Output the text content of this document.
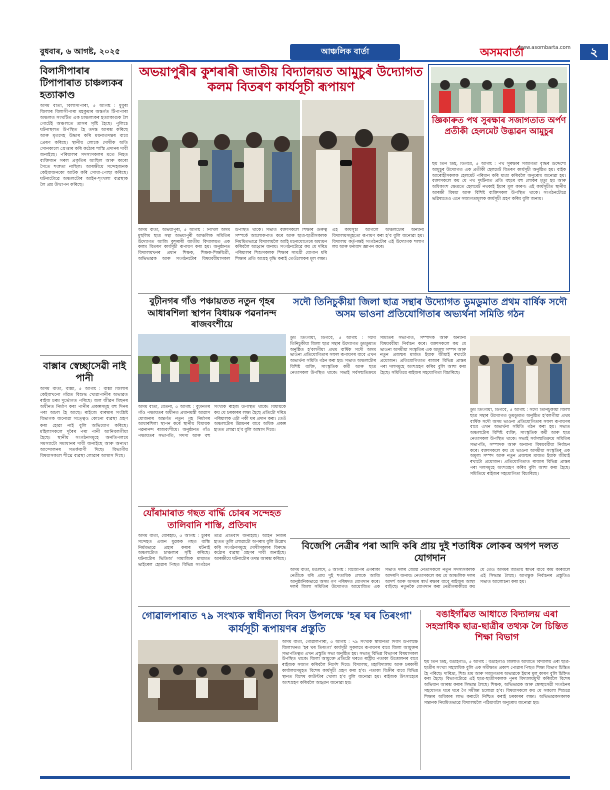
বুধবাৰ, ৬ আগষ্ট, ২০২৫	আঞ্চলিক বাৰ্তা	অসমবাৰ্তা
www.asombarta.com	২
বিলাসীপাৰাৰ টিপাপাৰাত চাঞ্চল্যকৰ হত্যাকাণ্ড
অসম বাৰ্তা, বিলাসীপাৰা, ৫ আগষ্ট : ধুবুৰী জিলাৰ বিলাসীপাৰা মহকুমাৰ অন্তৰ্গত টিপাপাৰা অঞ্চলত সংঘটিত এক চাঞ্চল্যকৰ হত্যাকাণ্ডক লৈ গোটেই অঞ্চলতে ত্ৰাসৰ সৃষ্টি হৈছে। পুলিচে ঘটনাস্থলত উপস্থিত হৈ তদন্ত আৰম্ভ কৰিছে আৰু মৃতদেহ উদ্ধাৰ কৰি ময়নাতদন্তৰ বাবে প্ৰেৰণ কৰিছে। স্থানীয় লোকে দোষীক অতি সোনকালে গ্ৰেপ্তাৰ কৰি কঠোৰ শাস্তি প্ৰদানৰ দাবী জনাইছে। পৰিয়ালৰ সদস্যসকলৰ মতে নিহত ব্যক্তিজন সৰল প্ৰকৃতিৰ আছিল আৰু কাৰো সৈতে শত্ৰুতা নাছিল। আৰক্ষীয়ে সন্দেহজনক কেইবাজনকো আটক কৰি সোধা-পোছা কৰিছে। ঘটনাটোৱে অঞ্চলটোৰ আইন-শৃংখলা ব্যৱস্থাক লৈ প্ৰশ্ন উত্থাপন কৰিছে।
বাক্সাৰ স্বেচ্ছাসেৱী নাই পানী
অসম বাৰ্তা, বাক্সা, ৫ আগষ্ট : বাক্সা জিলাৰ কেইবাখনো গাঁৱত বিশুদ্ধ খোৱাপানীৰ অভাৱত ৰাইজ চৰম দুৰ্ভোগত পৰিছে। জল জীৱন মিছনৰ অধীনত নিৰ্মাণ কৰা পানীৰ প্ৰকল্পসমূহ বহু দিনৰ পৰা অচল হৈ আছে। ৰাইজে বাৰম্বাৰ সংশ্লিষ্ট বিভাগক জনোৱা সত্ত্বেও কোনো ব্যৱস্থা গ্ৰহণ কৰা হোৱা নাই বুলি অভিযোগ কৰিছে। মহিলাসকলে দূৰৈৰ পৰা পানী আনিবলগীয়া হৈছে। স্থানীয় সংগঠনসমূহে অনতিপলমে সমস্যাটো সমাধানৰ দাবী জনাইছে আৰু অন্যথা আন্দোলনৰ সতৰ্কবাণী দিছে। বিভাগীয় বিষয়াসকলে শীঘ্ৰে ব্যৱস্থা লোৱাৰ আশ্বাস দিছে।
অভয়াপুৰীৰ কুশৰাৰী জাতীয় বিদ্যালয়ত আমুচুৰ উদ্যোগত কলম বিতৰণ কাৰ্যসূচী ৰূপায়ণ
অসম বাৰ্তা, অভয়াপুৰী, ৫ আগষ্ট : নিখিল অসম মুছলিম ছাত্ৰ সন্থা অভয়াপুৰী আঞ্চলিক সমিতিৰ উদ্যোগত আজি কুশৰাৰী জাতীয় বিদ্যালয়ত এক কলম বিতৰণ কাৰ্যসূচী ৰূপায়ণ কৰা হয়। অনুষ্ঠানত বিদ্যালয়খনৰ প্ৰধান শিক্ষক, শিক্ষক-শিক্ষয়িত্ৰী, অভিভাৱক আৰু সংগঠনটোৰ বিষয়ববীয়াসকল উপস্থিত থাকে। সভাত বক্তাসকলে শিক্ষাৰ গুৰুত্ব সম্পৰ্কে আলোকপাত কৰে আৰু ছাত্ৰ-ছাত্ৰীসকলক নিয়মিতভাৱে বিদ্যালয়লৈ আহি মনোযোগেৰে অধ্যয়ন কৰিবলৈ আহ্বান জনায়। সংগঠনটোৱে কয় যে দৰিদ্ৰ পৰিয়ালৰ শিশুসকলক শিক্ষাৰ সামগ্ৰী যোগান ধৰি শিক্ষাৰ প্ৰতি আগ্ৰহ বৃদ্ধি কৰাই তেওঁলোকৰ মূল লক্ষ্য। এই কাৰ্যসূচী আগলৈ অঞ্চলটোৰ অন্যান্য বিদ্যালয়সমূহতো ৰূপায়ণ কৰা হ'ব বুলি জনোৱা হয়। বিদ্যালয় কৰ্তৃপক্ষই সংগঠনটোৰ এই উদ্যোগক শলাগ লয় আৰু ধন্যবাদ জ্ঞাপন কৰে।
জ্ঞিকাৰুত পথ সুৰক্ষাৰ সজাগতাত অৰ্পণ প্ৰতীকী হেলমেট উদ্ভাৱন আমুচুৰ
ছয় তিন ডিহ, ডিগবৈ, ৫ আগষ্ট : পথ সুৰক্ষাৰ সজাগতা বৃদ্ধিৰ উদ্দেশ্যে আমুচুৰ উদ্যোগত এক প্ৰতীকী হেলমেট বিতৰণ কাৰ্যসূচী অনুষ্ঠিত হয়। বাইক আৰোহীসকলক হেলমেট পৰিধান কৰি যাত্ৰা কৰিবলৈ অনুৰোধ জনোৱা হয়। বক্তাসকলে কয় যে পথ দুৰ্ঘটনাত প্ৰতি বছৰে বহু লোকৰ মৃত্যু হয় আৰু অধিকাংশ ক্ষেত্ৰতে হেলমেট নথকাই ইয়াৰ মূল কাৰণ। এই কাৰ্যসূচীত স্থানীয় আৰক্ষী বিষয়া আৰু বিশিষ্ট ব্যক্তিসকল উপস্থিত থাকে। সংগঠনটোৱে ভৱিষ্যতেও এনে সজাগতামূলক কাৰ্যসূচী গ্ৰহণ কৰিব বুলি জনায়।
বুঢ়ীনগৰ গাঁও পঞ্চায়তত নতুন গৃহৰ আধাৰশিলা স্থাপন বিধায়ক পৱনানন্দ ৰাজবংশীয়ে
অসম বাৰ্তা, বেতনা, ৫ আগষ্ট : বুঢ়ীনগৰ গাঁও পঞ্চায়তৰ অধীনত প্ৰধানমন্ত্ৰী আৱাস যোজনাৰ অন্তৰ্গত নতুন গৃহ নিৰ্মাণৰ আধাৰশিলা স্থাপন কৰে স্থানীয় বিধায়ক পৱনানন্দ ৰাজবংশীয়ে। অনুষ্ঠানত গাঁও পঞ্চায়তৰ সভাপতি, সদস্য আৰু বহু সংখ্যক ৰাইজ উপস্থিত থাকে। বিধায়কে কয় যে চৰকাৰৰ লক্ষ্য হৈছে প্ৰতিটো দৰিদ্ৰ পৰিয়ালক এটা পকী ঘৰ প্ৰদান কৰা। তেওঁ অঞ্চলটোৰ উন্নয়নৰ বাবে অধিক প্ৰকল্প হাতত লোৱা হ'ব বুলি আশ্বাস দিয়ে।
সদৌ তিনিচুকীয়া জিলা ছাত্ৰ সন্থাৰ উদ্যোগত ডুমডুমাত প্ৰথম বাৰ্ষিক সদৌ অসম ভাওনা প্ৰতিযোগিতাৰ অভ্যৰ্থনা সমিতি গঠন
ডুম ডিংগীয়া, ডিগবৈ, ৫ আগষ্ট : সদৌ তিনিচুকীয়া জিলা ছাত্ৰ সন্থাৰ উদ্যোগত ডুমডুমাত অনুষ্ঠিত হ'বলগীয়া প্ৰথম বাৰ্ষিক সদৌ অসম ভাওনা প্ৰতিযোগিতাৰ সফল ৰূপায়ণৰ বাবে এখন অভ্যৰ্থনা সমিতি গঠন কৰা হয়। সভাত অঞ্চলটোৰ বিশিষ্ট ব্যক্তি, সাংস্কৃতিক কৰ্মী আৰু ছাত্ৰ নেতাসকল উপস্থিত থাকে। সভাই সৰ্বসন্মতিক্ৰমে সমিতিৰ সভাপতি, সম্পাদক আৰু অন্যান্য বিষয়ববীয়া নিৰ্বাচন কৰে। বক্তাসকলে কয় যে ভাওনা অসমীয়া সংস্কৃতিৰ এক অমূল্য সম্পদ আৰু নতুন প্ৰজন্মৰ মাজত ইয়াক জীয়াই ৰখাটো প্ৰয়োজন। প্ৰতিযোগিতাত ৰাজ্যৰ বিভিন্ন প্ৰান্তৰ পৰা দলসমূহে অংশগ্ৰহণ কৰিব বুলি আশা কৰা হৈছে। সমিতিয়ে ৰাইজৰ সহযোগিতা বিচাৰিছে।
ডুম ডিংগীয়া, ডিগবৈ, ৫ আগষ্ট : সদৌ তিনিচুকীয়া জিলা ছাত্ৰ সন্থাৰ উদ্যোগত ডুমডুমাত অনুষ্ঠিত হ'বলগীয়া প্ৰথম বাৰ্ষিক সদৌ অসম ভাওনা প্ৰতিযোগিতাৰ সফল ৰূপায়ণৰ বাবে এখন অভ্যৰ্থনা সমিতি গঠন কৰা হয়। সভাত অঞ্চলটোৰ বিশিষ্ট ব্যক্তি, সাংস্কৃতিক কৰ্মী আৰু ছাত্ৰ নেতাসকল উপস্থিত থাকে। সভাই সৰ্বসন্মতিক্ৰমে সমিতিৰ সভাপতি, সম্পাদক আৰু অন্যান্য বিষয়ববীয়া নিৰ্বাচন কৰে। বক্তাসকলে কয় যে ভাওনা অসমীয়া সংস্কৃতিৰ এক অমূল্য সম্পদ আৰু নতুন প্ৰজন্মৰ মাজত ইয়াক জীয়াই ৰখাটো প্ৰয়োজন। প্ৰতিযোগিতাত ৰাজ্যৰ বিভিন্ন প্ৰান্তৰ পৰা দলসমূহে অংশগ্ৰহণ কৰিব বুলি আশা কৰা হৈছে। সমিতিয়ে ৰাইজৰ সহযোগিতা বিচাৰিছে।
যোঁৰামাৰাত গছত বাৰ্দ্ধি চোৰৰ সন্দেহত তালিবানি শাস্তি, প্ৰতিবাদ
অসম বাৰ্তা, যোৰহাট, ৫ আগষ্ট : চুৰিৰ সন্দেহত এজন যুৱকক গছত বান্ধি নিৰ্মমভাৱে প্ৰহাৰ কৰাৰ ঘটনাই অঞ্চলটোত চাঞ্চল্যৰ সৃষ্টি কৰিছে। ঘটনাটোৰ ভিডিঅ' সামাজিক মাধ্যমত ভাইৰেল হোৱাৰ পিছত বিভিন্ন সংগঠনে তীব্ৰ প্ৰতিবাদ জনাইছে। আইন নিজৰ হাতত তুলি লোৱাটো অপৰাধ বুলি উল্লেখ কৰি সংগঠনসমূহে দোষীসকলৰ বিৰুদ্ধে কঠোৰ ব্যৱস্থা গ্ৰহণৰ দাবী জনাইছে। আৰক্ষীয়ে ঘটনাটোৰ তদন্ত আৰম্ভ কৰিছে।
বিজেপি নেত্ৰীৰ পৰা আদি কৰি প্ৰায় দুই শতাধিক লোকৰ অগপ দলত যোগদান
অসম বাৰ্তা, মঙলদৈ, ৫ আগষ্ট : বিজেপিৰ এগৰাকী নেত্ৰীকে ধৰি প্ৰায় দুই শতাধিক লোকে আজি আনুষ্ঠানিকভাৱে অসম গণ পৰিষদত যোগদান কৰে। দলৰ জিলা সমিতিৰ উদ্যোগত আয়োজিত এক সভাত দলৰ জ্যেষ্ঠ নেতাসকলে নতুন সদস্যসকলক আদৰণি জনায়। নেতাসকলে কয় যে আঞ্চলিক দলৰ আদৰ্শ আৰু অসমৰ স্বাৰ্থ ৰক্ষাৰ বাবে ৰাইজৰ আস্থা বাঢ়িছে। নতুনকৈ যোগদান কৰা নেত্ৰীগৰাকীয়ে কয় যে তেওঁ অসমৰ জাতীয় স্বাৰ্থৰ বাবে কাম কৰিবলৈ এই সিদ্ধান্ত লৈছে। আগন্তুক নিৰ্বাচনৰ প্ৰস্তুতিও সভাত আলোচনা কৰা হয়।
গোৱালপাৰাত ৭৯ সংখ্যক স্বাধীনতা দিবস উপলক্ষে 'হৰ ঘৰ তিৰংগা' কাৰ্যসূচী ৰূপায়ণৰ প্ৰস্তুতি
অসম বাৰ্তা, গোৱালপাৰা, ৫ আগষ্ট : ৭৯ সংখ্যক স্বাধীনতা দিবস উপলক্ষে জিলাখনত 'হৰ ঘৰ তিৰংগা' কাৰ্যসূচী সুকলমে ৰূপায়ণৰ বাবে জিলা আয়ুক্তৰ সভাপতিত্বত এখন প্ৰস্তুতি সভা অনুষ্ঠিত হয়। সভাত বিভিন্ন বিভাগৰ বিষয়াসকল উপস্থিত থাকে। জিলা আয়ুক্তে প্ৰতিটো ঘৰতে ৰাষ্ট্ৰীয় পতাকা উত্তোলনৰ বাবে ৰাইজক সজাগ কৰিবলৈ নিৰ্দেশ দিয়ে। বিদ্যালয়, মহাবিদ্যালয় আৰু চৰকাৰী কাৰ্যালয়সমূহত বিশেষ কাৰ্যসূচী গ্ৰহণ কৰা হ'ব। পতাকা বিক্ৰীৰ বাবে বিভিন্ন স্থানত বিশেষ কাউণ্টাৰ খোলা হ'ব বুলি জনোৱা হয়। ৰাইজক উৎসাহেৰে অংশগ্ৰহণ কৰিবলৈ আহ্বান জনোৱা হয়।
বঙাইগাঁৱত আধাতে বিদ্যালয় এৰা সহস্ৰাধিক ছাত্ৰ-ছাত্ৰীৰ তথ্যক লৈ চিন্তিত শিক্ষা বিভাগ
ছয় তিন ডিহ, বঙাইগাঁও, ৫ আগষ্ট : বঙাইগাঁও জিলাত আধাতে বিদ্যালয় এৰা ছাত্ৰ-ছাত্ৰীৰ সংখ্যা সহস্ৰাধিক বুলি এক সমীক্ষাত প্ৰকাশ পোৱাৰ পিছত শিক্ষা বিভাগ চিন্তিত হৈ পৰিছে। দাৰিদ্ৰ্য, শিশু শ্ৰম আৰু সজাগতাৰ অভাৱকে ইয়াৰ মূল কাৰণ বুলি চিহ্নিত কৰা হৈছে। বিভাগটোৱে এই ছাত্ৰ-ছাত্ৰীসকলক পুনৰ বিদ্যালয়মুখী কৰিবলৈ বিশেষ অভিযান আৰম্ভ কৰাৰ সিদ্ধান্ত লৈছে। শিক্ষক, অভিভাৱক আৰু স্বেচ্ছাসেৱী সংগঠনৰ সহযোগত ঘৰে ঘৰে গৈ সমীক্ষা চলোৱা হ'ব। বিষয়াসকলে কয় যে সকলো শিশুৱে শিক্ষাৰ অধিকাৰ লাভ কৰাটো নিশ্চিত কৰাই চৰকাৰৰ লক্ষ্য। অভিভাৱকসকলক সন্তানক নিয়মিতভাৱে বিদ্যালয়লৈ পঠিয়াবলৈ অনুৰোধ জনোৱা হয়।
